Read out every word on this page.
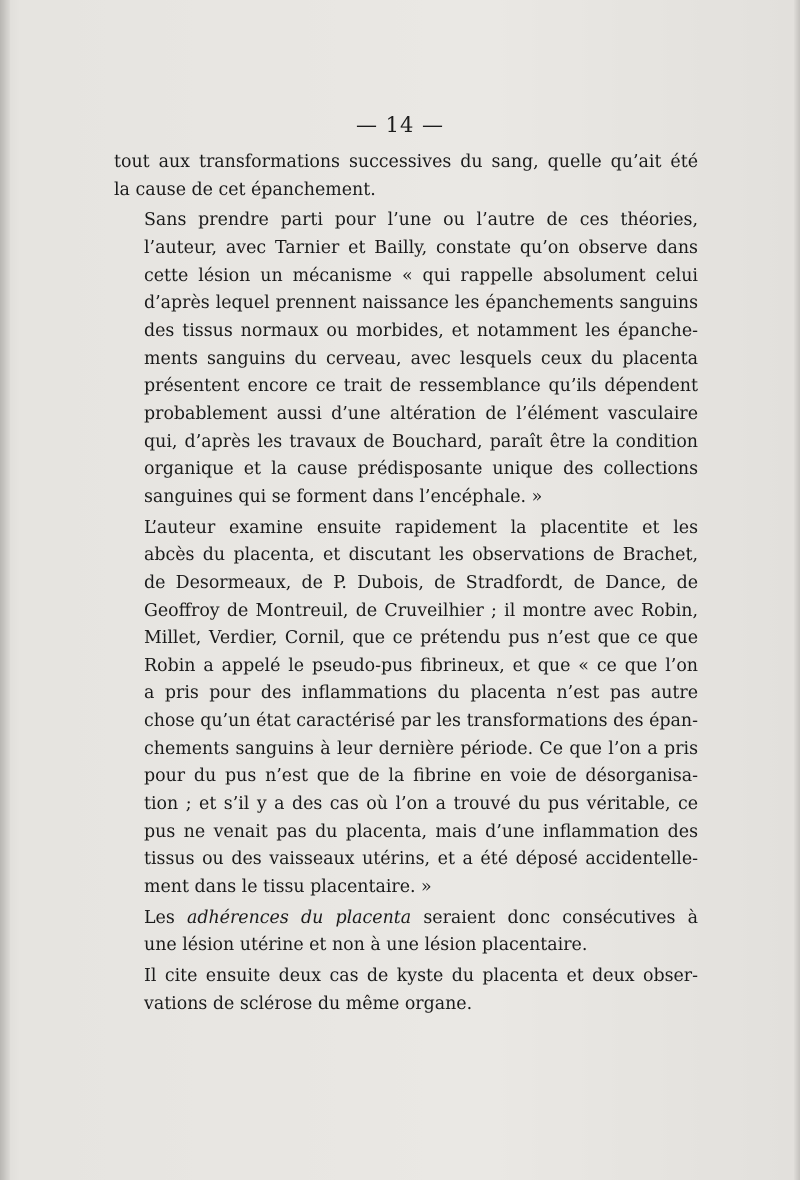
— 14 —
tout aux transformations successives du sang, quelle qu’ait été
la cause de cet épanchement.
Sans prendre parti pour l’une ou l’autre de ces théories,
l’auteur, avec Tarnier et Bailly, constate qu’on observe dans
cette lésion un mécanisme « qui rappelle absolument celui
d’après lequel prennent naissance les épanchements sanguins
des tissus normaux ou morbides, et notamment les épanche-
ments sanguins du cerveau, avec lesquels ceux du placenta
présentent encore ce trait de ressemblance qu’ils dépendent
probablement aussi d’une altération de l’élément vasculaire
qui, d’après les travaux de Bouchard, paraît être la condition
organique et la cause prédisposante unique des collections
sanguines qui se forment dans l’encéphale. »
L’auteur examine ensuite rapidement la placentite et les
abcès du placenta, et discutant les observations de Brachet,
de Desormeaux, de P. Dubois, de Stradfordt, de Dance, de
Geoffroy de Montreuil, de Cruveilhier ; il montre avec Robin,
Millet, Verdier, Cornil, que ce prétendu pus n’est que ce que
Robin a appelé le pseudo-pus fibrineux, et que « ce que l’on
a pris pour des inflammations du placenta n’est pas autre
chose qu’un état caractérisé par les transformations des épan-
chements sanguins à leur dernière période. Ce que l’on a pris
pour du pus n’est que de la fibrine en voie de désorganisa-
tion ; et s’il y a des cas où l’on a trouvé du pus véritable, ce
pus ne venait pas du placenta, mais d’une inflammation des
tissus ou des vaisseaux utérins, et a été déposé accidentelle-
ment dans le tissu placentaire. »
Les adhérences du placenta seraient donc consécutives à
une lésion utérine et non à une lésion placentaire.
Il cite ensuite deux cas de kyste du placenta et deux obser-
vations de sclérose du même organe.
